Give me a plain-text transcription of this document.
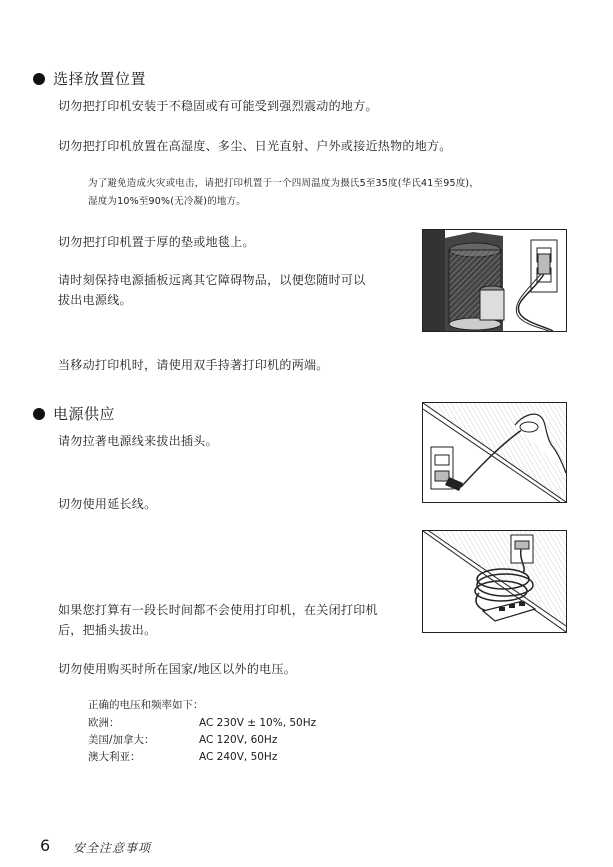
选择放置位置
切勿把打印机安装于不稳固或有可能受到强烈震动的地方。
切勿把打印机放置在高湿度、多尘、日光直射、户外或接近热物的地方。
为了避免造成火灾或电击，请把打印机置于一个四周温度为摄氏5至35度(华氏41至95度)，
湿度为10%至90%(无冷凝)的地方。
切勿把打印机置于厚的垫或地毯上。
请时刻保持电源插板远离其它障碍物品，以便您随时可以
拔出电源线。
当移动打印机时，请使用双手持著打印机的两端。
电源供应
请勿拉著电源线来拔出插头。
切勿使用延长线。
如果您打算有一段长时间都不会使用打印机，在关闭打印机
后，把插头拔出。
切勿使用购买时所在国家/地区以外的电压。
正确的电压和频率如下：
欧洲：	AC 230V ± 10%, 50Hz
美国/加拿大：	AC 120V, 60Hz
澳大利亚：	AC 240V, 50Hz
6 安全注意事项
